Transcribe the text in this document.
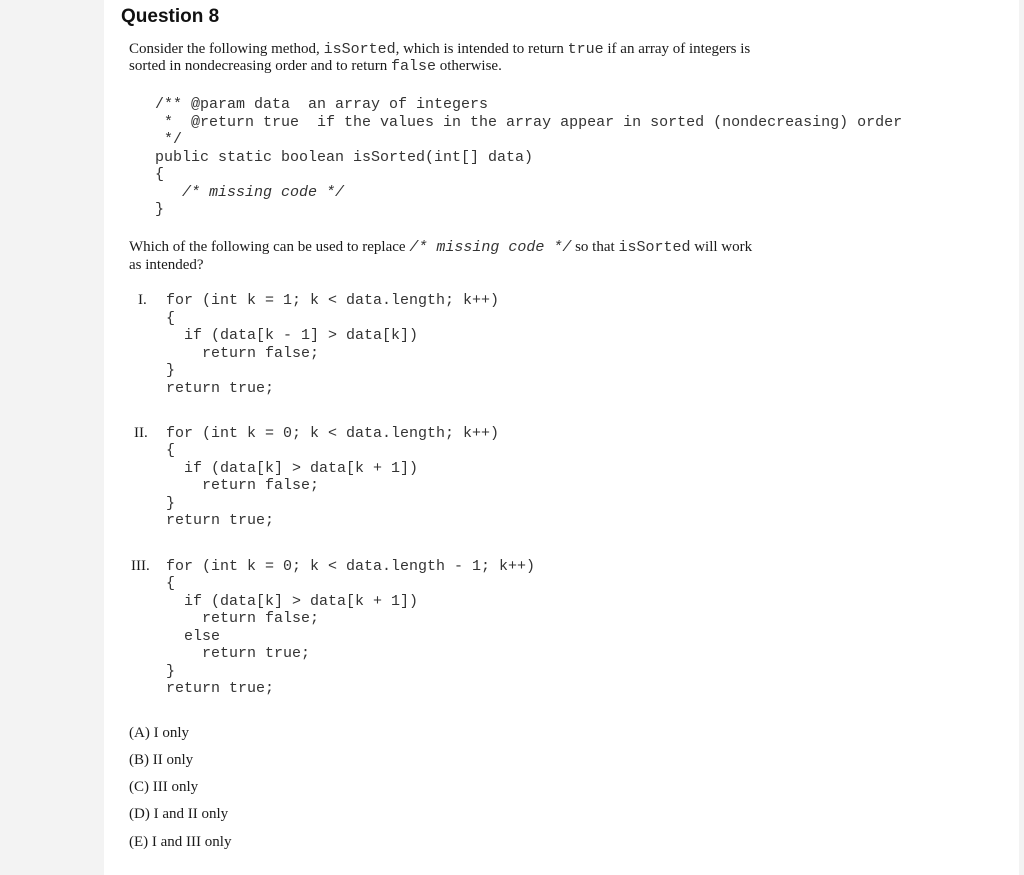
Question 8
Consider the following method, isSorted, which is intended to return true if an array of integers is
sorted in nondecreasing order and to return false otherwise.
/** @param data  an array of integers
*  @return true  if the values in the array appear in sorted (nondecreasing) order
*/
public static boolean isSorted(int[] data)
{
/* missing code */
}
Which of the following can be used to replace /* missing code */ so that isSorted will work
as intended?
I. for (int k = 1; k < data.length; k++)
{
if (data[k - 1] > data[k])
return false;
}
return true;
II. for (int k = 0; k < data.length; k++)
{
if (data[k] > data[k + 1])
return false;
}
return true;
III. for (int k = 0; k < data.length - 1; k++)
{
if (data[k] > data[k + 1])
return false;
else
return true;
}
return true;
(A) I only
(B) II only
(C) III only
(D) I and II only
(E) I and III only
